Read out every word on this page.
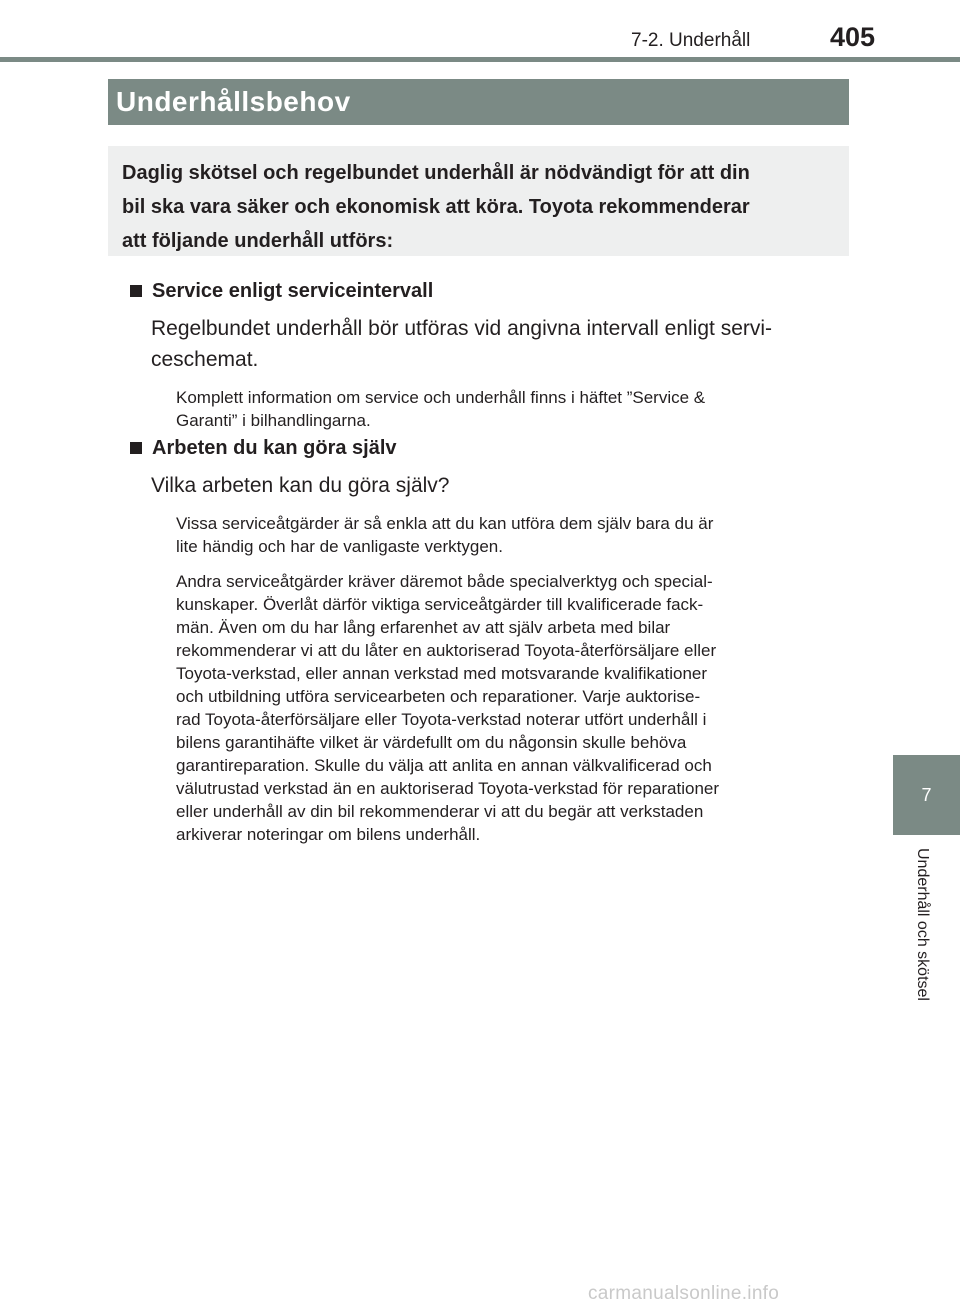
7-2. Underhåll	405
Underhållsbehov
Daglig skötsel och regelbundet underhåll är nödvändigt för att din
bil ska vara säker och ekonomisk att köra. Toyota rekommenderar
att följande underhåll utförs:
Service enligt serviceintervall
Regelbundet underhåll bör utföras vid angivna intervall enligt servi-
ceschemat.
Komplett information om service och underhåll finns i häftet ”Service &
Garanti” i bilhandlingarna.
Arbeten du kan göra själv
Vilka arbeten kan du göra själv?
Vissa serviceåtgärder är så enkla att du kan utföra dem själv bara du är
lite händig och har de vanligaste verktygen.
Andra serviceåtgärder kräver däremot både specialverktyg och special-
kunskaper. Överlåt därför viktiga serviceåtgärder till kvalificerade fack-
män. Även om du har lång erfarenhet av att själv arbeta med bilar
rekommenderar vi att du låter en auktoriserad Toyota-återförsäljare eller
Toyota-verkstad, eller annan verkstad med motsvarande kvalifikationer
och utbildning utföra servicearbeten och reparationer. Varje auktorise-
rad Toyota-återförsäljare eller Toyota-verkstad noterar utfört underhåll i
bilens garantihäfte vilket är värdefullt om du någonsin skulle behöva
garantireparation. Skulle du välja att anlita en annan välkvalificerad och
välutrustad verkstad än en auktoriserad Toyota-verkstad för reparationer
eller underhåll av din bil rekommenderar vi att du begär att verkstaden
arkiverar noteringar om bilens underhåll.
7
Underhåll och skötsel
carmanualsonline.info
